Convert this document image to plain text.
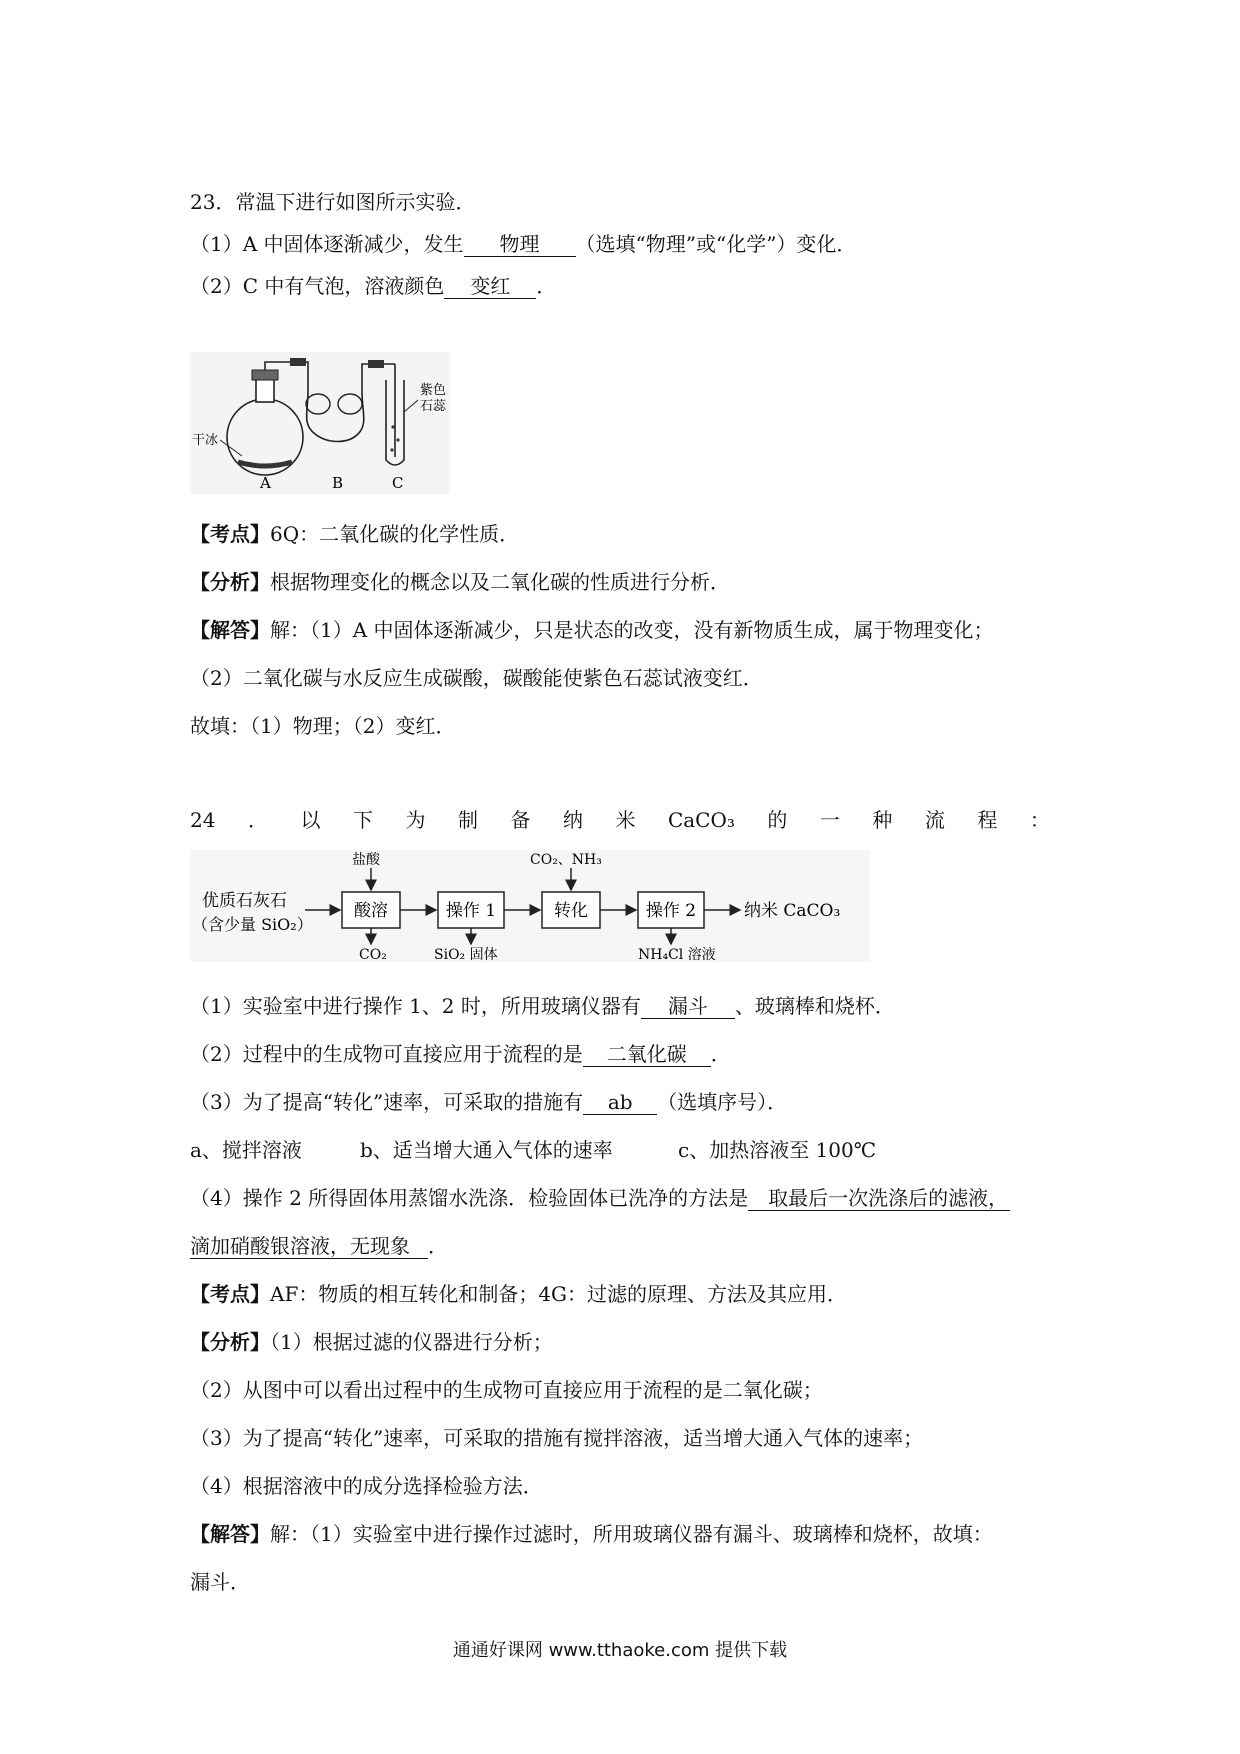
23．常温下进行如图所示实验．
（1）A 中固体逐渐减少，发生 物理 （选填“物理”或“化学”）变化．
（2）C 中有气泡，溶液颜色 变红 ．
紫色
石蕊
干冰
A	B	C
【考点】6Q：二氧化碳的化学性质．
【分析】根据物理变化的概念以及二氧化碳的性质进行分析．
【解答】解：（1）A 中固体逐渐减少，只是状态的改变，没有新物质生成，属于物理变化；
（2）二氧化碳与水反应生成碳酸，碳酸能使紫色石蕊试液变红．
故填：（1）物理；（2）变红．
24 ． 以 下 为 制 备 纳 米 CaCO₃ 的 一 种 流 程 ：
优质石灰石
（含少量 SiO₂）
酸溶
盐酸
CO₂
操作 1
SiO₂ 固体
转化
CO₂、NH₃
操作 2
NH₄Cl 溶液
纳米 CaCO₃
（1）实验室中进行操作 1、2 时，所用玻璃仪器有 漏斗 、玻璃棒和烧杯．
（2）过程中的生成物可直接应用于流程的是 二氧化碳 ．
（3）为了提高“转化”速率，可采取的措施有 ab （选填序号）．
a、搅拌溶液	b、适当增大通入气体的速率	c、加热溶液至 100℃
（4）操作 2 所得固体用蒸馏水洗涤．检验固体已洗净的方法是 取最后一次洗涤后的滤液，
滴加硝酸银溶液，无现象 ．
【考点】AF：物质的相互转化和制备；4G：过滤的原理、方法及其应用．
【分析】（1）根据过滤的仪器进行分析；
（2）从图中可以看出过程中的生成物可直接应用于流程的是二氧化碳；
（3）为了提高“转化”速率，可采取的措施有搅拌溶液，适当增大通入气体的速率；
（4）根据溶液中的成分选择检验方法．
【解答】解：（1）实验室中进行操作过滤时，所用玻璃仪器有漏斗、玻璃棒和烧杯，故填：
漏斗．
通通好课网 www.tthaoke.com 提供下载
